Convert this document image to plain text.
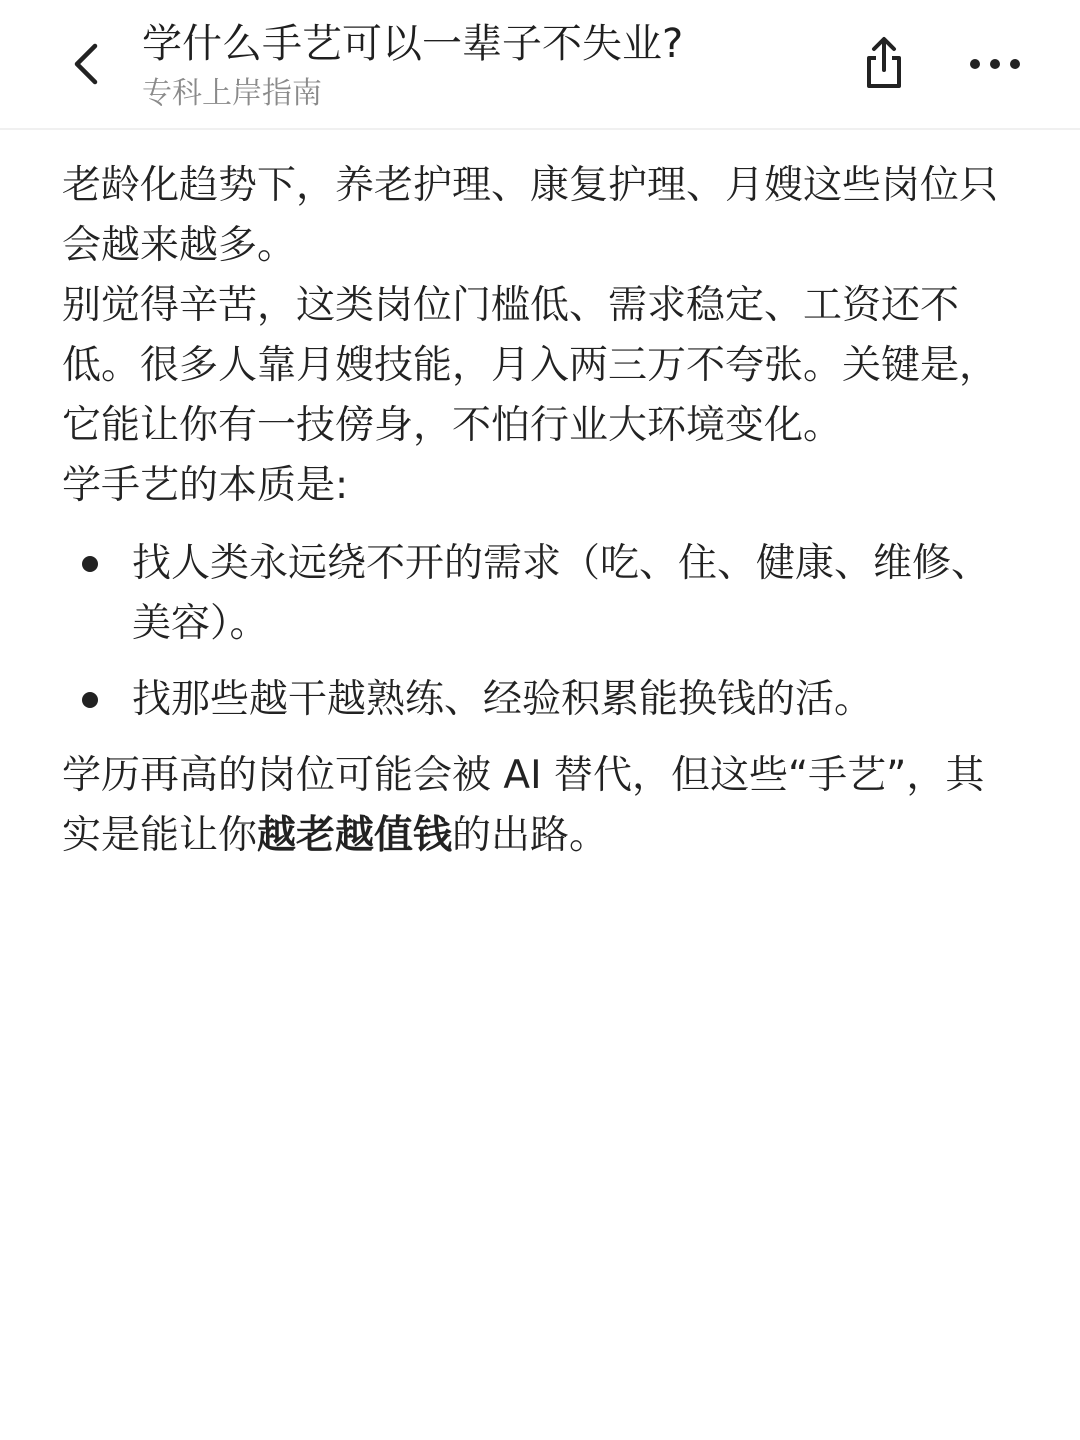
学什么手艺可以一辈子不失业?
专科上岸指南

老龄化趋势下，养老护理、康复护理、月嫂这些岗位只会越来越多。

别觉得辛苦，这类岗位门槛低、需求稳定、工资还不低。很多人靠月嫂技能，月入两三万不夸张。关键是，它能让你有一技傍身，不怕行业大环境变化。

学手艺的本质是:

找人类永远绕不开的需求（吃、住、健康、维修、美容）。
找那些越干越熟练、经验积累能换钱的活。

学历再高的岗位可能会被 AI 替代，但这些“手艺”，其实是能让你越老越值钱的出路。
